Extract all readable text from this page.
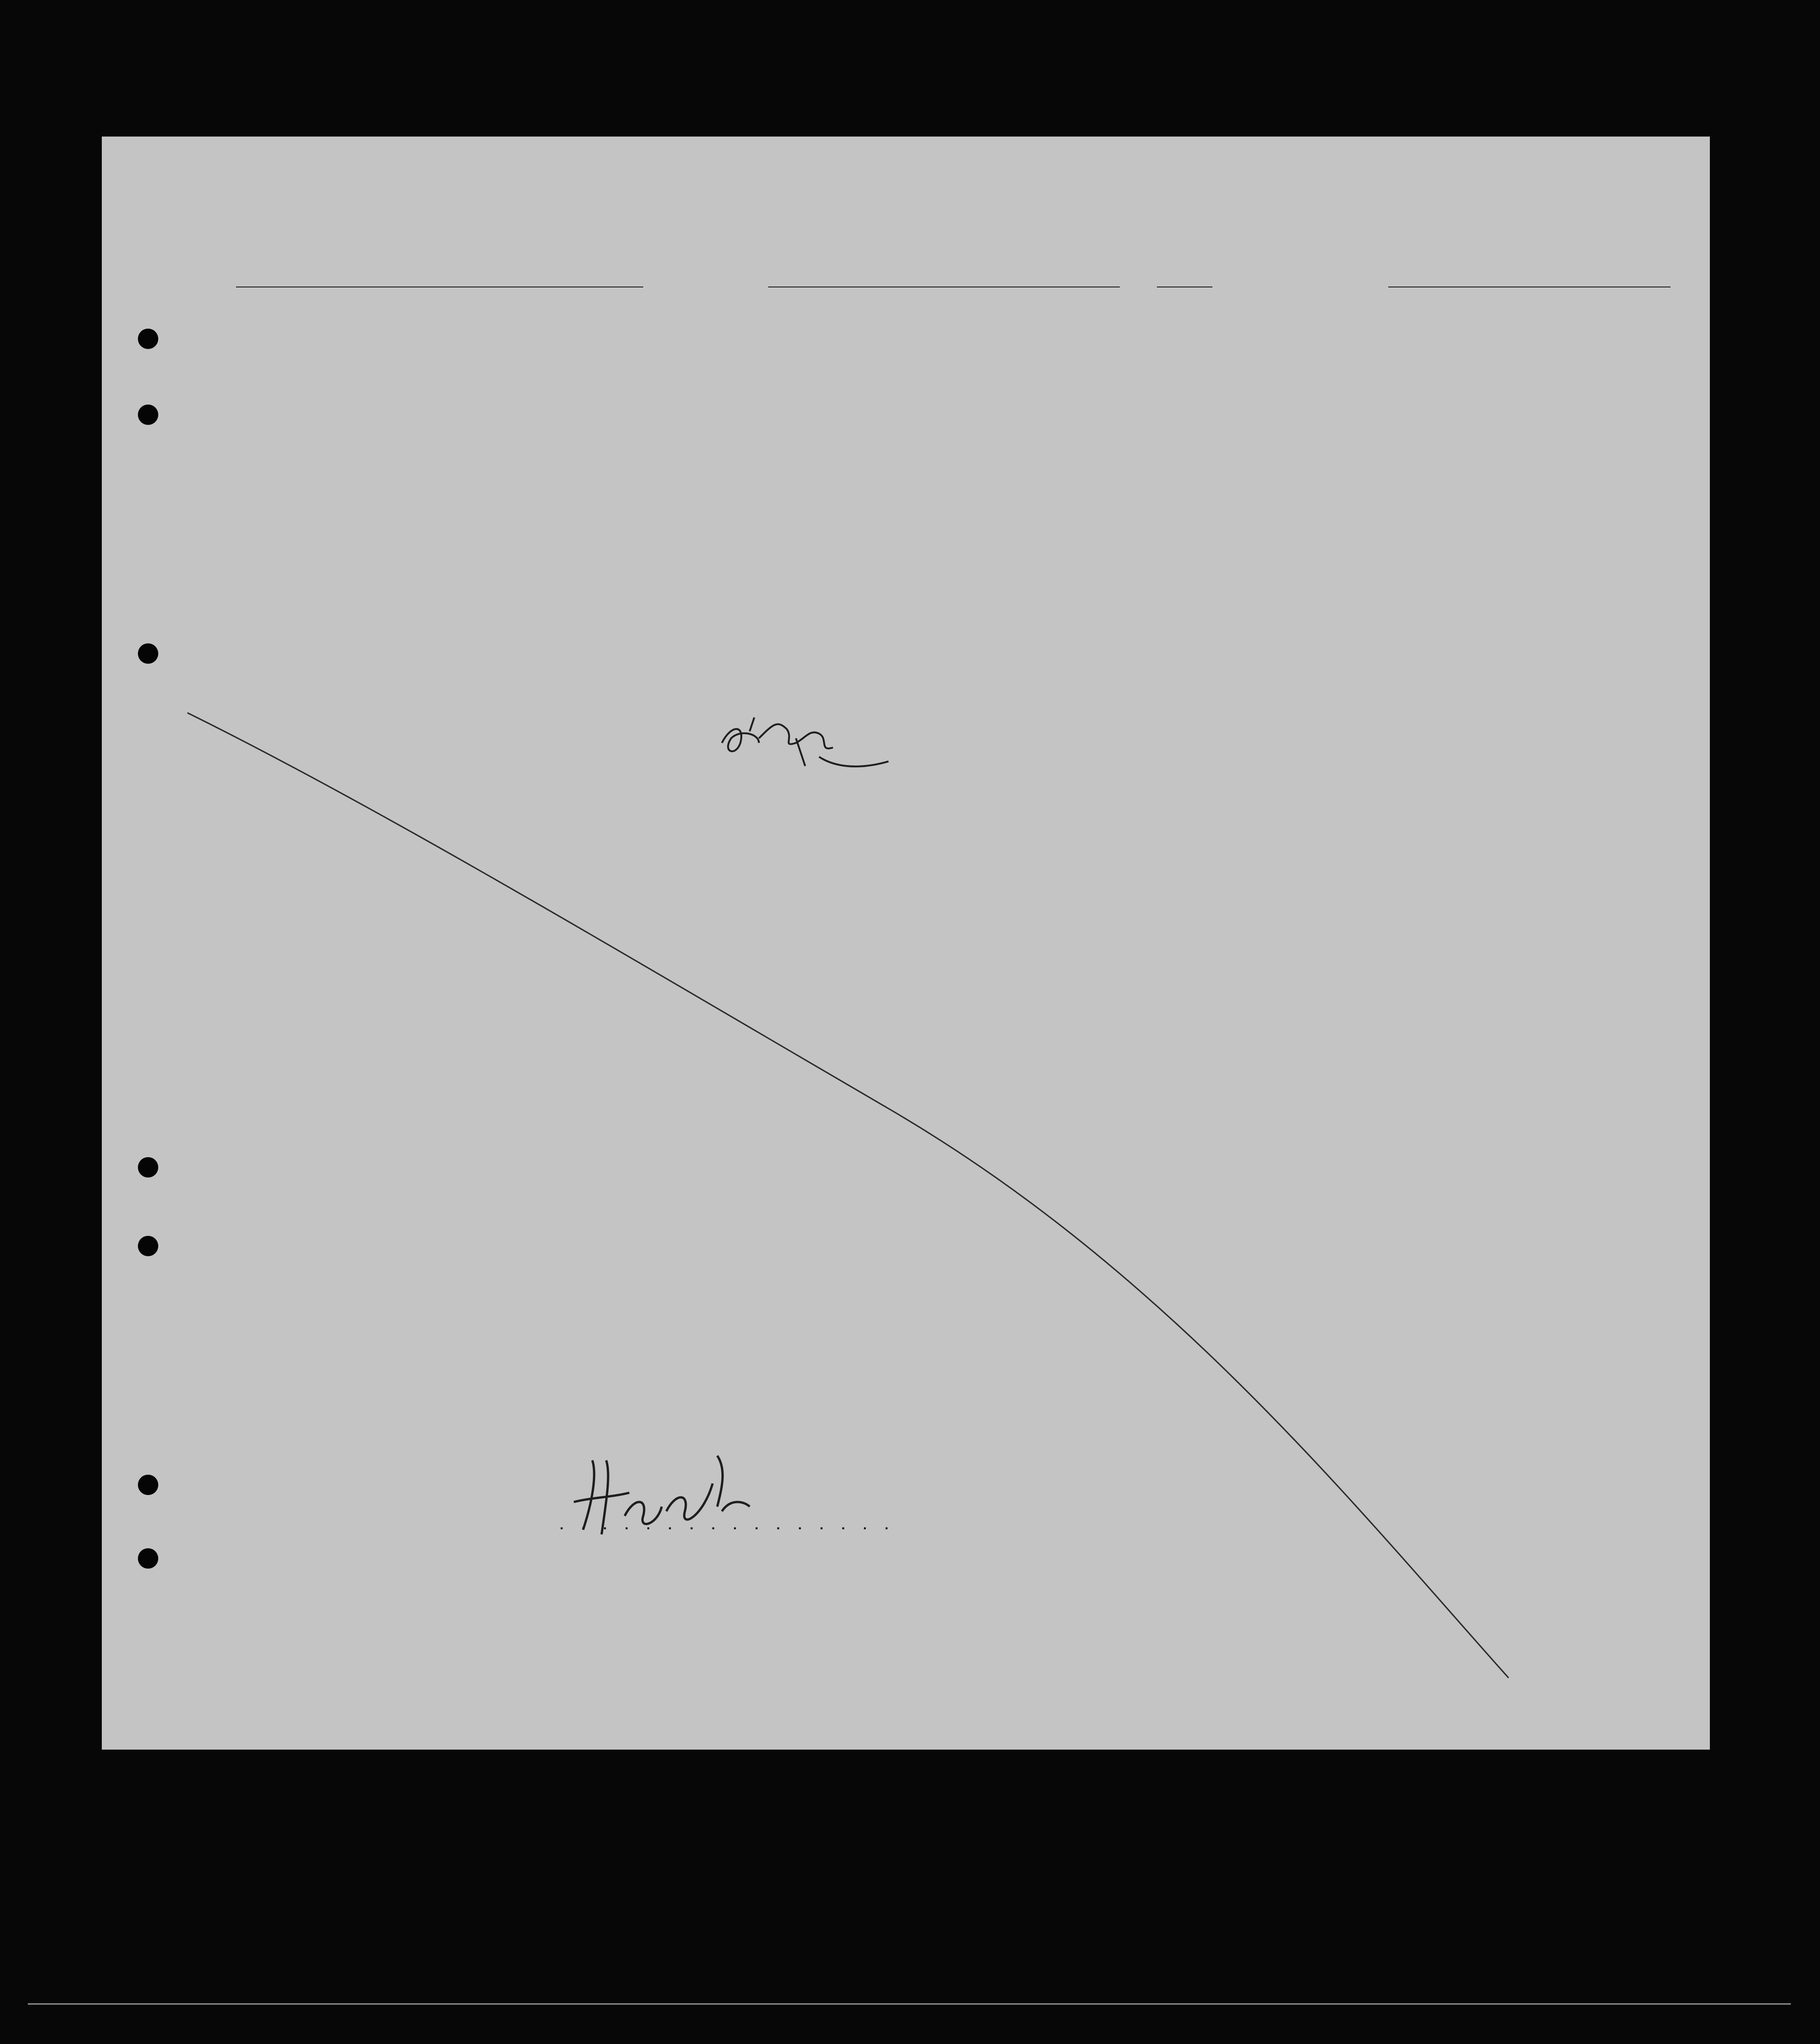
. . . . . . . . . . . . . . . .
